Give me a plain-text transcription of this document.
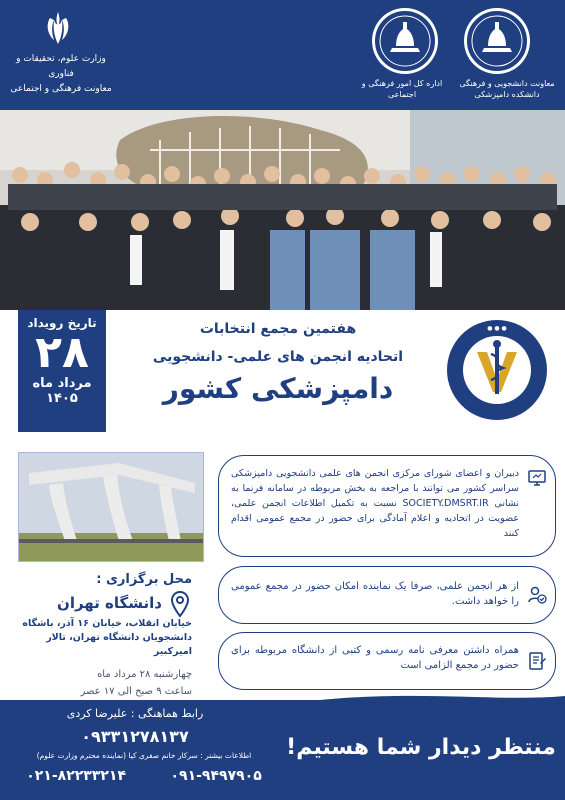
وزارت علوم، تحقیقات و فناوری
معاونت فرهنگی و اجتماعی
اداره کل امور فرهنگی و اجتماعی
معاونت دانشجویی و فرهنگی دانشکده دامپزشکی
تاریخ رویداد
۲۸
مرداد ماه
۱۴۰۵
هفتمین مجمع انتخابات
اتحادیه انجمن های علمی- دانشجویی
دامپزشکی کشور
● ● ●
محل برگزاری :
دانشگاه تهران
خیابان انقلاب، خیابان ۱۶ آذر، باشگاه دانشجویان دانشگاه تهران، تالار امیرکبیر
چهارشنبه ۲۸ مرداد ماه
ساعت ۹ صبح الی ۱۷ عصر
دبیران و اعضای شورای مرکزی انجمن های علمی دانشجویی دامپزشکی سراسر کشور می توانند با مراجعه به بخش مربوطه در سامانه فرنما به نشانی SOCIETY.DMSRT.IR نسبت به تکمیل اطلاعات انجمن علمی، عضویت در اتحادیه و اعلام آمادگی برای حضور در مجمع عمومی اقدام کنند
از هر انجمن علمی، صرفا یک نماینده امکان حضور در مجمع عمومی را خواهد داشت.
همراه داشتن معرفی نامه رسمی و کتبی از دانشگاه مربوطه برای حضور در مجمع الزامی است
رابط هماهنگی : علیرضا کردی
۰۹۳۳۱۲۷۸۱۳۷
اطلاعات بیشتر : سرکار خانم صفری کیا (نماینده محترم وزارت علوم)
۰۲۱-۸۲۲۳۳۲۱۴	۰۹۱-۹۴۹۷۹۰۵
منتظر دیدار شما هستیم!
